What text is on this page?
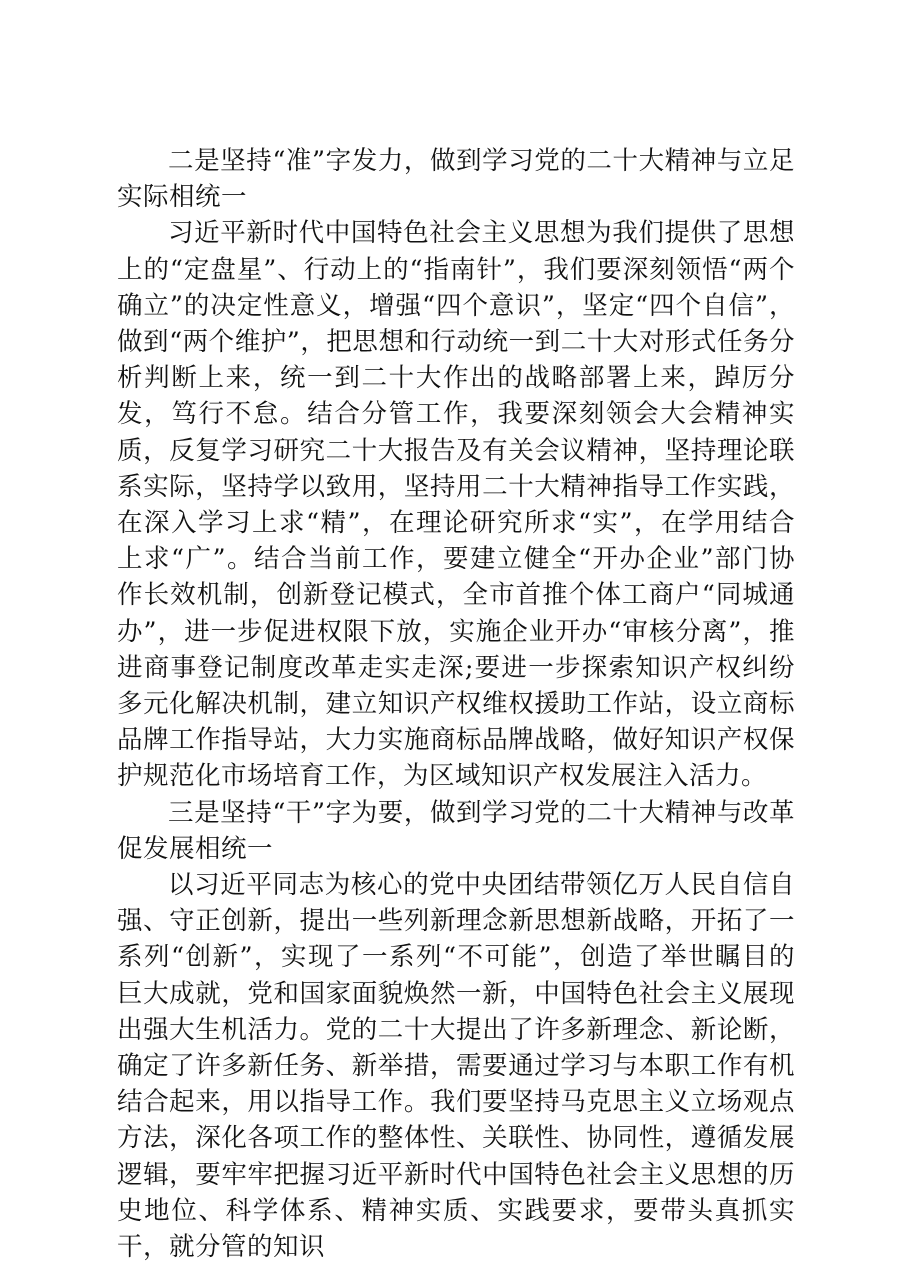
二是坚持“准”字发力，做到学习党的二十大精神与立足实际相统一

习近平新时代中国特色社会主义思想为我们提供了思想上的“定盘星”、行动上的“指南针”，我们要深刻领悟“两个确立”的决定性意义，增强“四个意识”，坚定“四个自信”，做到“两个维护”，把思想和行动统一到二十大对形式任务分析判断上来，统一到二十大作出的战略部署上来，踔厉分发，笃行不怠。结合分管工作，我要深刻领会大会精神实质，反复学习研究二十大报告及有关会议精神，坚持理论联系实际，坚持学以致用，坚持用二十大精神指导工作实践，在深入学习上求“精”，在理论研究所求“实”，在学用结合上求“广”。结合当前工作，要建立健全“开办企业”部门协作长效机制，创新登记模式，全市首推个体工商户“同城通办”，进一步促进权限下放，实施企业开办“审核分离”，推进商事登记制度改革走实走深;要进一步探索知识产权纠纷多元化解决机制，建立知识产权维权援助工作站，设立商标品牌工作指导站，大力实施商标品牌战略，做好知识产权保护规范化市场培育工作，为区域知识产权发展注入活力。

三是坚持“干”字为要，做到学习党的二十大精神与改革促发展相统一

以习近平同志为核心的党中央团结带领亿万人民自信自强、守正创新，提出一些列新理念新思想新战略，开拓了一系列“创新”，实现了一系列“不可能”，创造了举世瞩目的巨大成就，党和国家面貌焕然一新，中国特色社会主义展现出强大生机活力。党的二十大提出了许多新理念、新论断，确定了许多新任务、新举措，需要通过学习与本职工作有机结合起来，用以指导工作。我们要坚持马克思主义立场观点方法，深化各项工作的整体性、关联性、协同性，遵循发展逻辑，要牢牢把握习近平新时代中国特色社会主义思想的历史地位、科学体系、精神实质、实践要求，要带头真抓实干，就分管的知识
